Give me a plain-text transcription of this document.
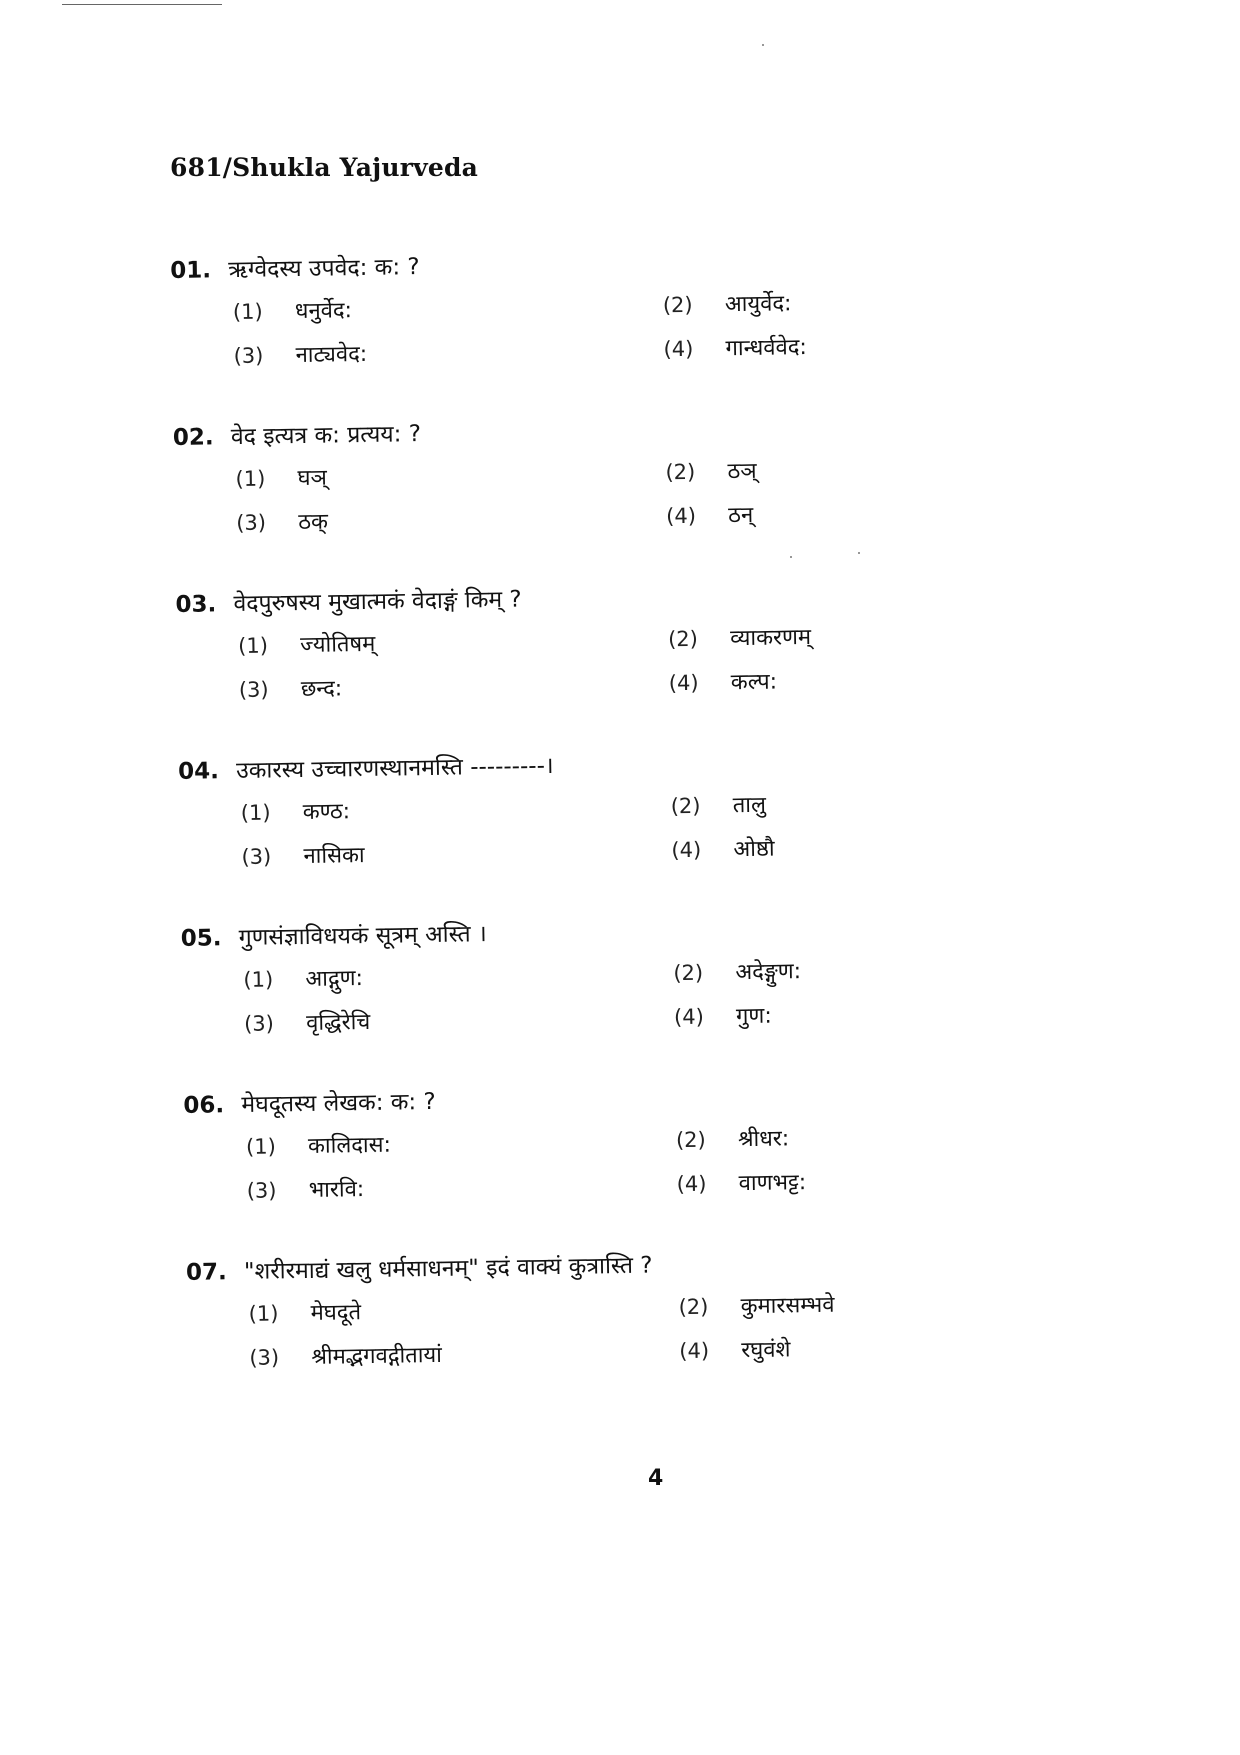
681/Shukla Yajurveda
01. ऋग्वेदस्य उपवेद: क: ?
(1)	धनुर्वेद:	(2)	आयुर्वेद:
(3)	नाट्यवेद:	(4)	गान्धर्ववेद:
02. वेद इत्यत्र क: प्रत्यय: ?
(1)	घञ्	(2)	ठञ्
(3)	ठक्	(4)	ठन्
03. वेदपुरुषस्य मुखात्मकं वेदाङ्गं किम् ?
(1)	ज्योतिषम्	(2)	व्याकरणम्
(3)	छन्द:	(4)	कल्प:
04. उकारस्य उच्चारणस्थानमस्ति ---------।
(1)	कण्ठ:	(2)	तालु
(3)	नासिका	(4)	ओष्ठौ
05. गुणसंज्ञाविधयकं सूत्रम् अस्ति ।
(1)	आद्गुण:	(2)	अदेङ्गुण:
(3)	वृद्धिरेचि	(4)	गुण:
06. मेघदूतस्य लेखक: क: ?
(1)	कालिदास:	(2)	श्रीधर:
(3)	भारवि:	(4)	वाणभट्ट:
07. "शरीरमाद्यं खलु धर्मसाधनम्" इदं वाक्यं कुत्रास्ति ?
(1)	मेघदूते	(2)	कुमारसम्भवे
(3)	श्रीमद्भगवद्गीतायां	(4)	रघुवंशे
4
